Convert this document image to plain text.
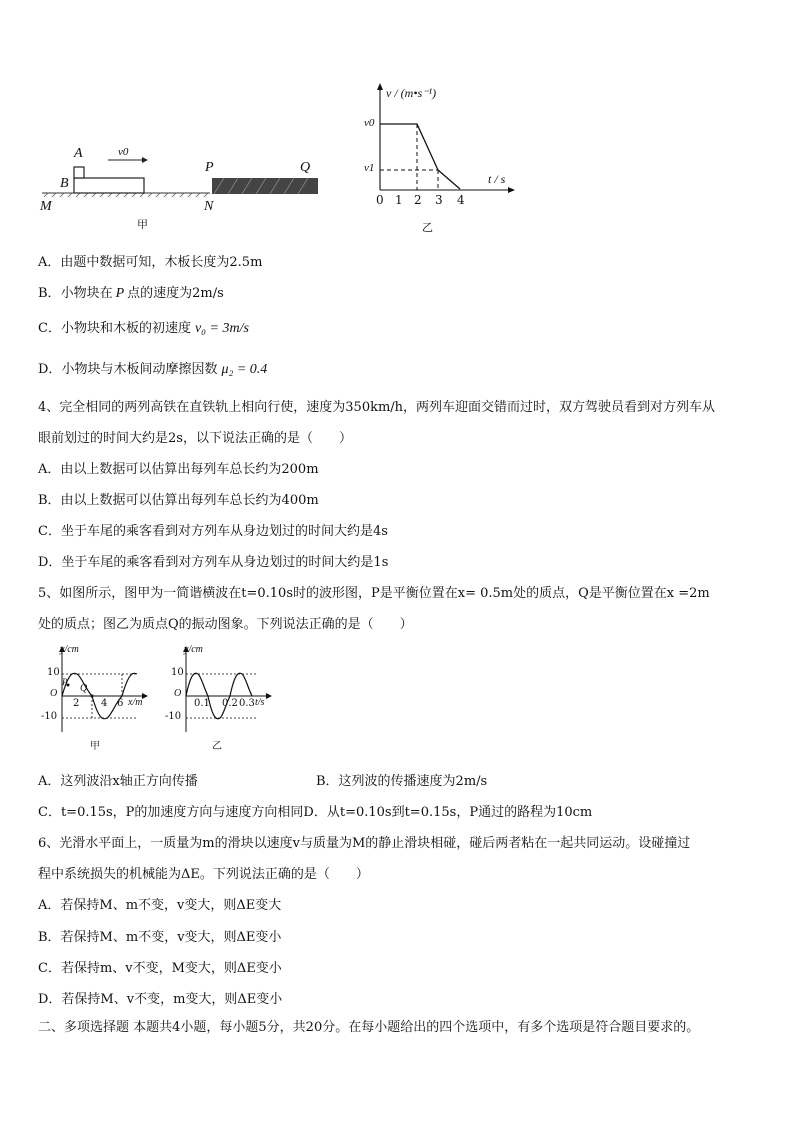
A
B
M
v0
P	Q
N
甲
v / (m•s⁻¹)
t / s
v0
v1
0 1 2 3 4
乙
A．由题中数据可知，木板长度为2.5m
B．小物块在 P 点的速度为2m/s
C．小物块和木板的初速度 v₀ = 3m/s
D．小物块与木板间动摩擦因数 μ₂ = 0.4
4、完全相同的两列高铁在直铁轨上相向行使，速度为350km/h，两列车迎面交错而过时，双方驾驶员看到对方列车从
眼前划过的时间大约是2s，以下说法正确的是（　　）
A．由以上数据可以估算出每列车总长约为200m
B．由以上数据可以估算出每列车总长约为400m
C．坐于车尾的乘客看到对方列车从身边划过的时间大约是4s
D．坐于车尾的乘客看到对方列车从身边划过的时间大约是1s
5、如图所示，图甲为一简谐横波在t=0.10s时的波形图，P是平衡位置在x= 0.5m处的质点，Q是平衡位置在x =2m
处的质点；图乙为质点Q的振动图象。下列说法正确的是（　　）
y/cm
x/m
10
-10
O
P
Q
2 4 6
甲
y/cm
t/s
10
-10
O
0.1 0.2 0.3
乙
A．这列波沿x轴正方向传播	B．这列波的传播速度为2m/s
C．t=0.15s，P的加速度方向与速度方向相同D．从t=0.10s到t=0.15s，P通过的路程为10cm
6、光滑水平面上，一质量为m的滑块以速度v与质量为M的静止滑块相碰，碰后两者粘在一起共同运动。设碰撞过
程中系统损失的机械能为ΔE。下列说法正确的是（　　）
A．若保持M、m不变，v变大，则ΔE变大
B．若保持M、m不变，v变大，则ΔE变小
C．若保持m、v不变，M变大，则ΔE变小
D．若保持M、v不变，m变大，则ΔE变小
二、多项选择题 本题共4小题，每小题5分，共20分。在每小题给出的四个选项中，有多个选项是符合题目要求的。
